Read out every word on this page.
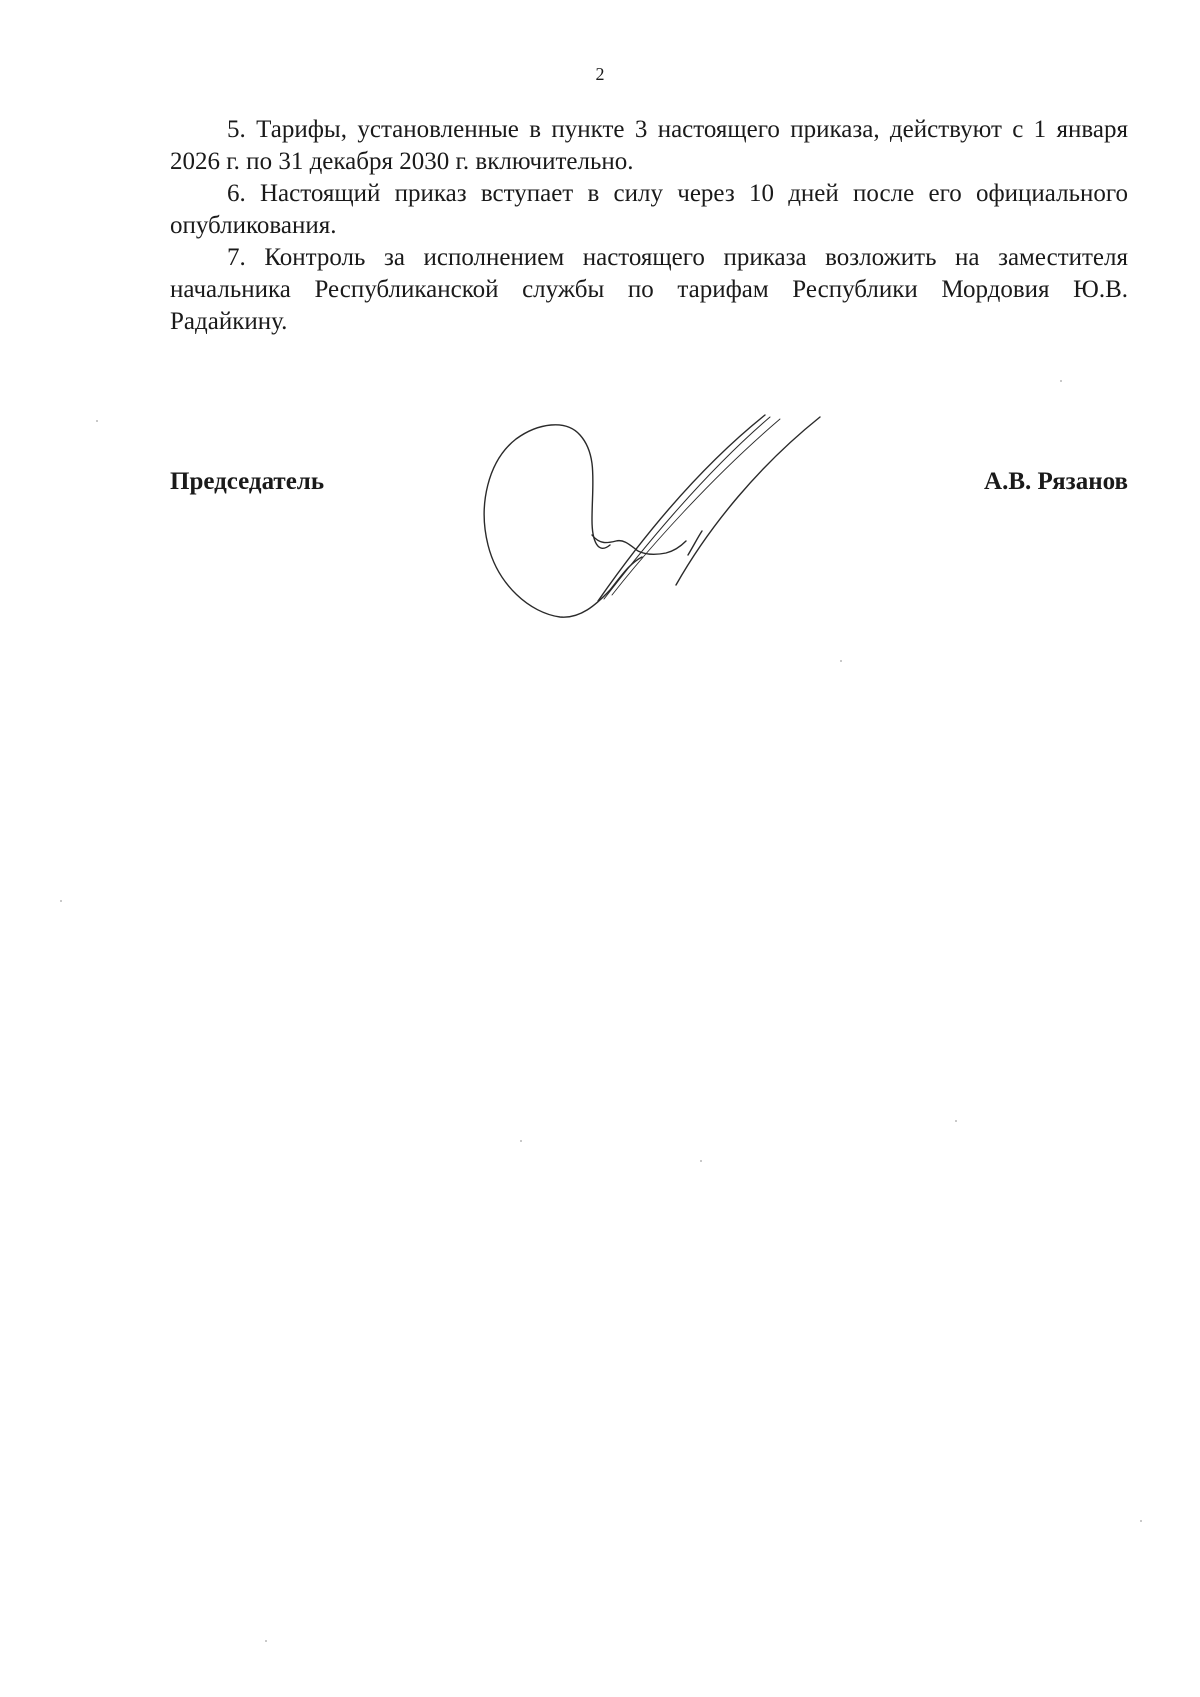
2

5. Тарифы, установленные в пункте 3 настоящего приказа, действуют с 1 января 2026 г. по 31 декабря 2030 г. включительно.

6. Настоящий приказ вступает в силу через 10 дней после его официального опубликования.

7. Контроль за исполнением настоящего приказа возложить на заместителя начальника Республиканской службы по тарифам Республики Мордовия Ю.В. Радайкину.

Председатель	А.В. Рязанов
